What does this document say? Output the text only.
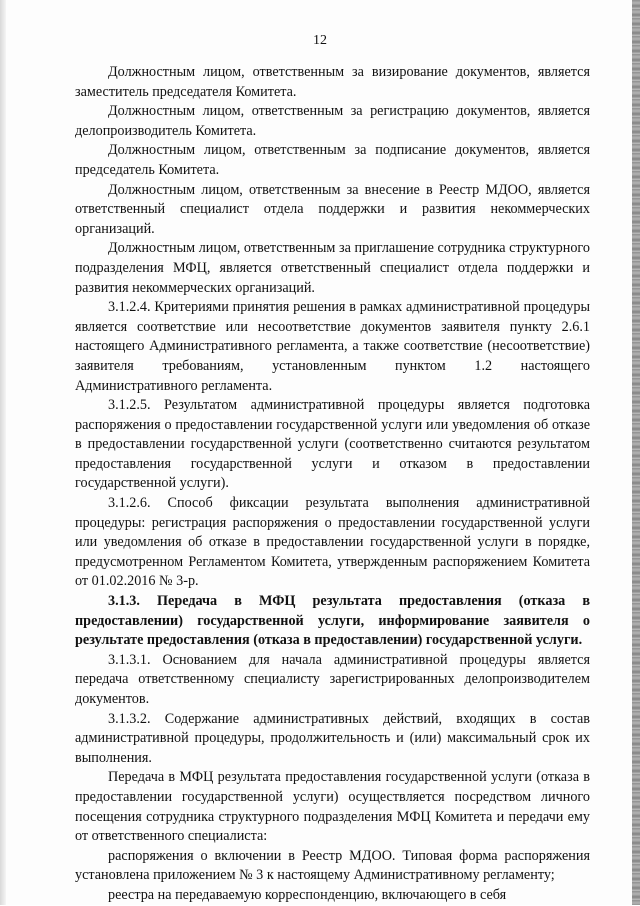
12

Должностным лицом, ответственным за визирование документов, является заместитель председателя Комитета.

Должностным лицом, ответственным за регистрацию документов, является делопроизводитель Комитета.

Должностным лицом, ответственным за подписание документов, является председатель Комитета.

Должностным лицом, ответственным за внесение в Реестр МДОО, является ответственный специалист отдела поддержки и развития некоммерческих организаций.

Должностным лицом, ответственным за приглашение сотрудника структурного подразделения МФЦ, является ответственный специалист отдела поддержки и развития некоммерческих организаций.

3.1.2.4. Критериями принятия решения в рамках административной процедуры является соответствие или несоответствие документов заявителя пункту 2.6.1 настоящего Административного регламента, а также соответствие (несоответствие) заявителя требованиям, установленным пунктом 1.2 настоящего Административного регламента.

3.1.2.5. Результатом административной процедуры является подготовка распоряжения о предоставлении государственной услуги или уведомления об отказе в предоставлении государственной услуги (соответственно считаются результатом предоставления государственной услуги и отказом в предоставлении государственной услуги).

3.1.2.6. Способ фиксации результата выполнения административной процедуры: регистрация распоряжения о предоставлении государственной услуги или уведомления об отказе в предоставлении государственной услуги в порядке, предусмотренном Регламентом Комитета, утвержденным распоряжением Комитета от 01.02.2016 № 3-р.

3.1.3. Передача в МФЦ результата предоставления (отказа в предоставлении) государственной услуги, информирование заявителя о результате предоставления (отказа в предоставлении) государственной услуги.

3.1.3.1. Основанием для начала административной процедуры является передача ответственному специалисту зарегистрированных делопроизводителем документов.

3.1.3.2. Содержание административных действий, входящих в состав административной процедуры, продолжительность и (или) максимальный срок их выполнения.

Передача в МФЦ результата предоставления государственной услуги (отказа в предоставлении государственной услуги) осуществляется посредством личного посещения сотрудника структурного подразделения МФЦ Комитета и передачи ему от ответственного специалиста:

распоряжения о включении в Реестр МДОО. Типовая форма распоряжения установлена приложением № 3 к настоящему Административному регламенту;

реестра на передаваемую корреспонденцию, включающего в себя
